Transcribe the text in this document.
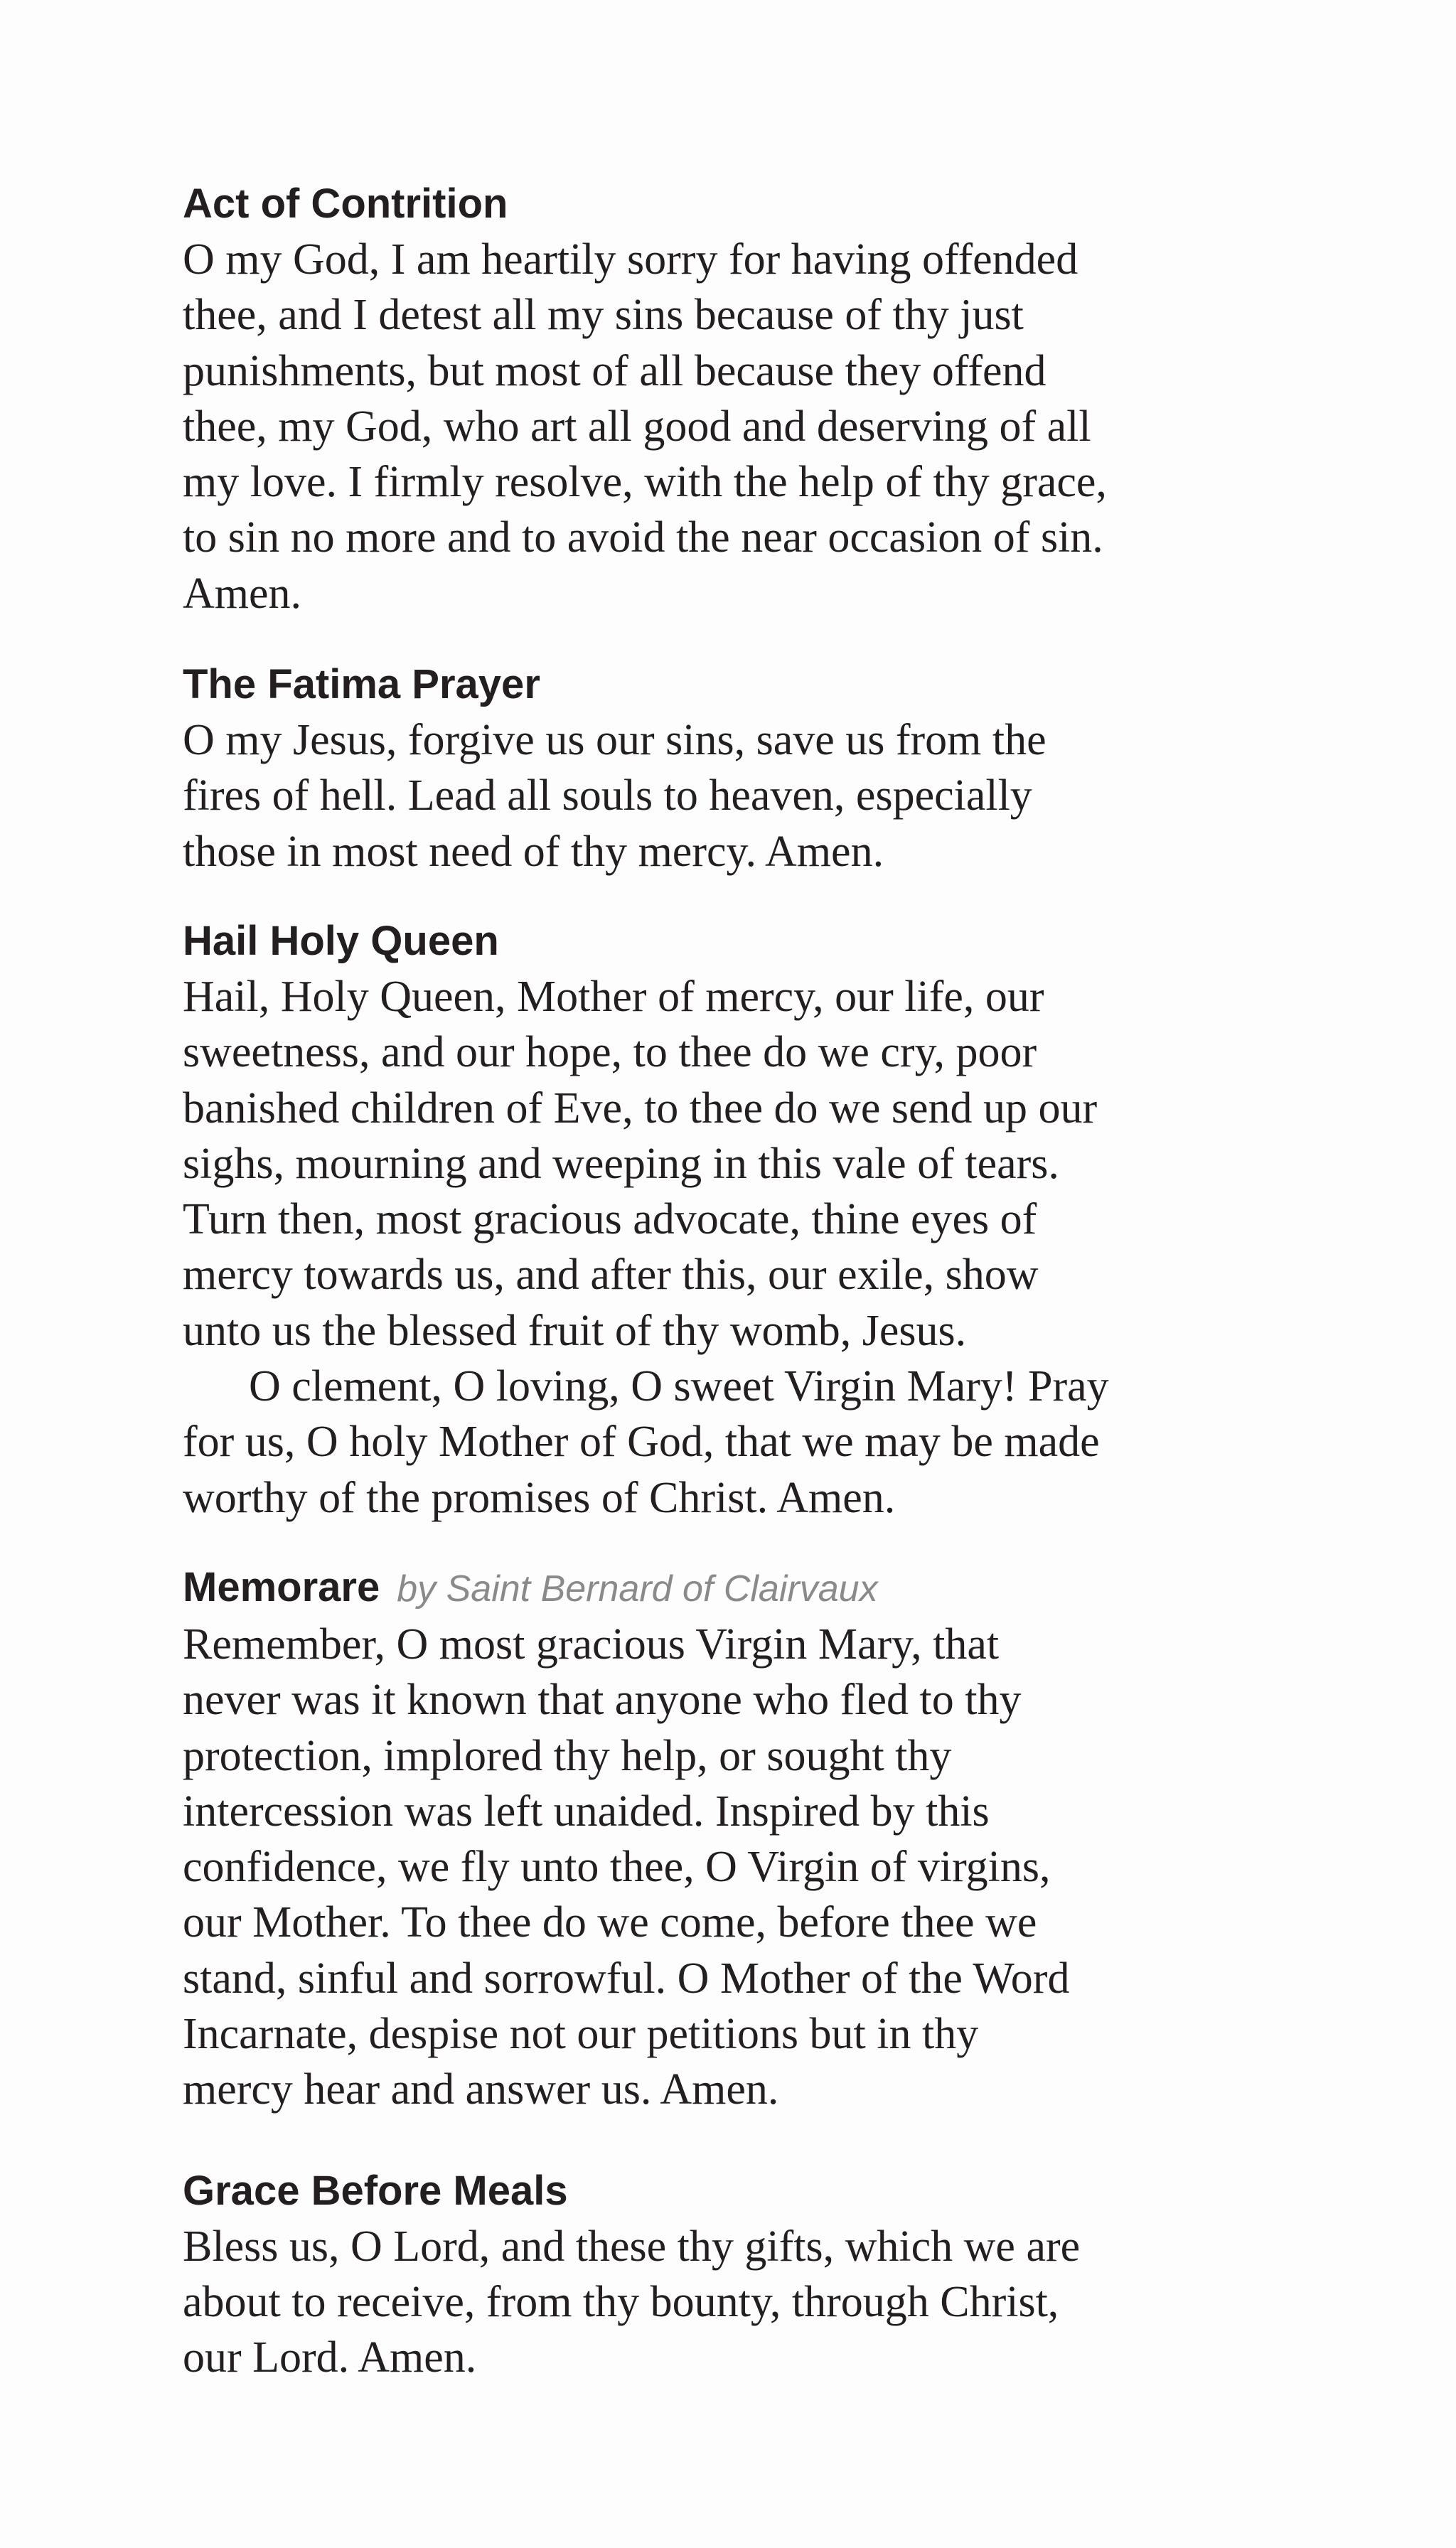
Act of Contrition
O my God, I am heartily sorry for having offended
thee, and I detest all my sins because of thy just
punishments, but most of all because they offend
thee, my God, who art all good and deserving of all
my love. I firmly resolve, with the help of thy grace,
to sin no more and to avoid the near occasion of sin.
Amen.
The Fatima Prayer
O my Jesus, forgive us our sins, save us from the
fires of hell. Lead all souls to heaven, especially
those in most need of thy mercy. Amen.
Hail Holy Queen
Hail, Holy Queen, Mother of mercy, our life, our
sweetness, and our hope, to thee do we cry, poor
banished children of Eve, to thee do we send up our
sighs, mourning and weeping in this vale of tears.
Turn then, most gracious advocate, thine eyes of
mercy towards us, and after this, our exile, show
unto us the blessed fruit of thy womb, Jesus.
O clement, O loving, O sweet Virgin Mary! Pray
for us, O holy Mother of God, that we may be made
worthy of the promises of Christ. Amen.
Memorare by Saint Bernard of Clairvaux
Remember, O most gracious Virgin Mary, that
never was it known that anyone who fled to thy
protection, implored thy help, or sought thy
intercession was left unaided. Inspired by this
confidence, we fly unto thee, O Virgin of virgins,
our Mother. To thee do we come, before thee we
stand, sinful and sorrowful. O Mother of the Word
Incarnate, despise not our petitions but in thy
mercy hear and answer us. Amen.
Grace Before Meals
Bless us, O Lord, and these thy gifts, which we are
about to receive, from thy bounty, through Christ,
our Lord. Amen.
